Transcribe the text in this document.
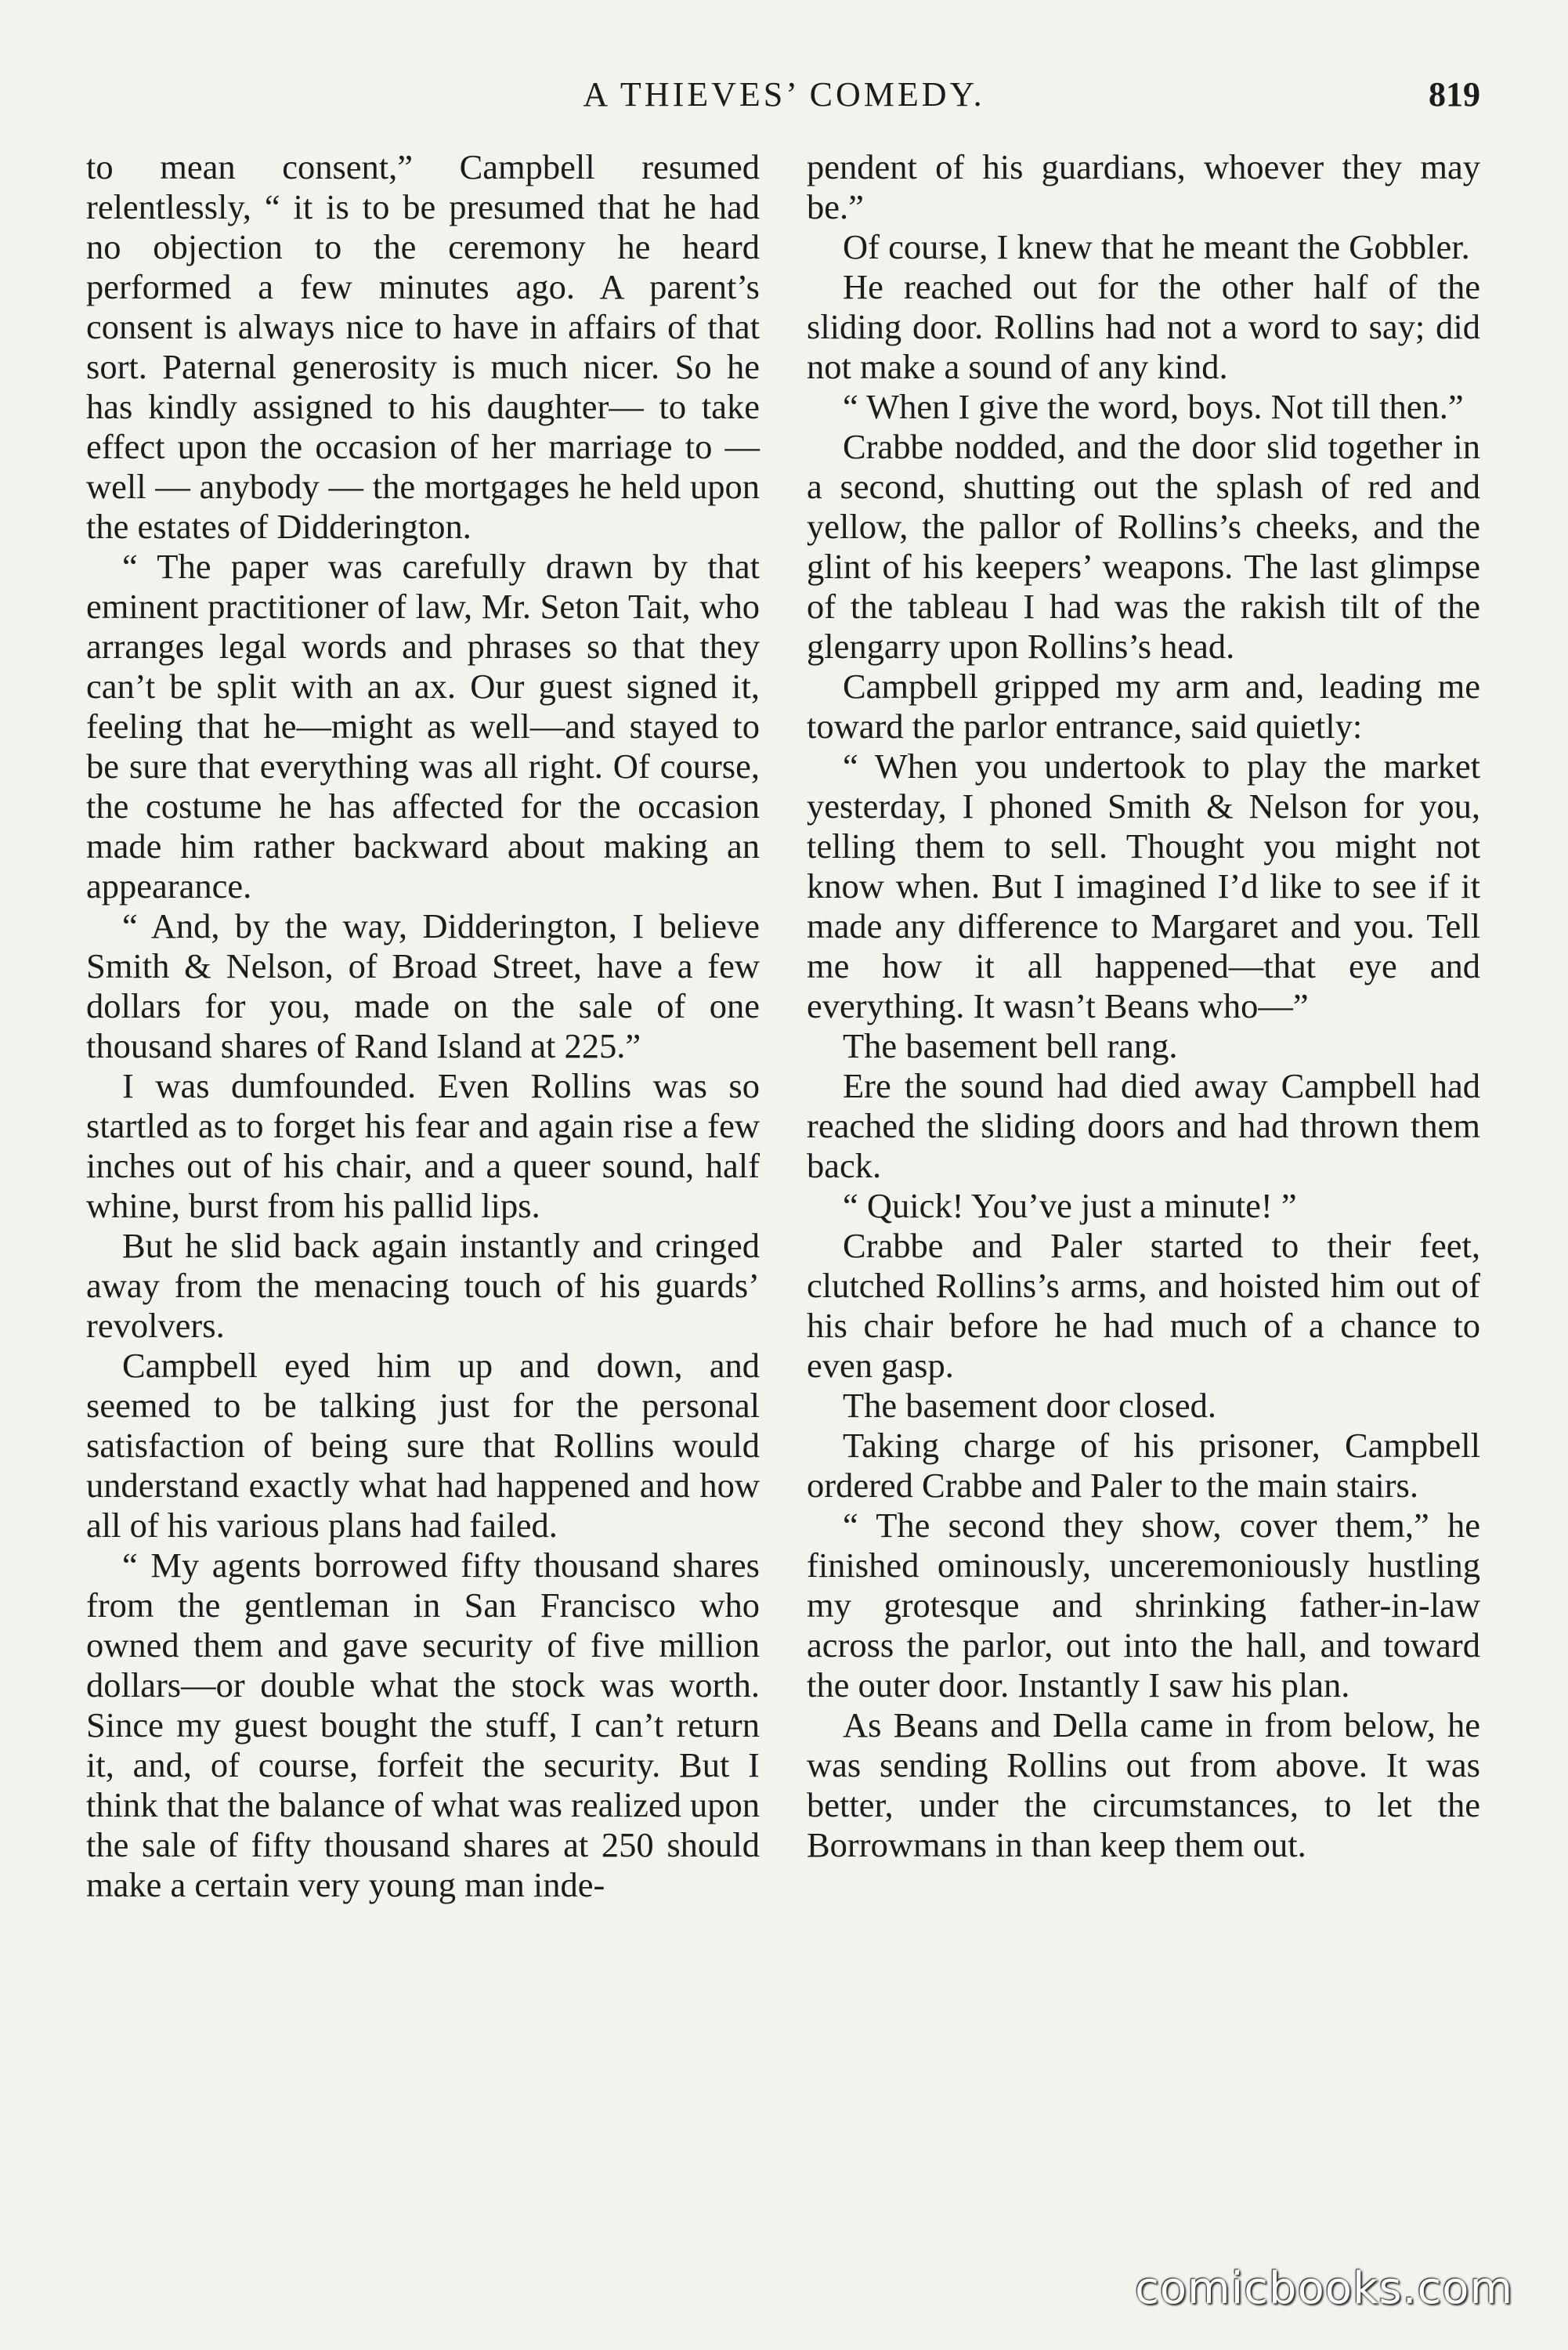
A THIEVES’ COMEDY.	819

to mean consent,” Campbell resumed relentlessly, “ it is to be presumed that he had no objection to the ceremony he heard performed a few minutes ago. A parent’s consent is always nice to have in affairs of that sort. Paternal generosity is much nicer. So he has kindly assigned to his daughter— to take effect upon the occasion of her marriage to — well — anybody — the mortgages he held upon the estates of Didderington.

“ The paper was carefully drawn by that eminent practitioner of law, Mr. Seton Tait, who arranges legal words and phrases so that they can’t be split with an ax. Our guest signed it, feeling that he—might as well—and stayed to be sure that everything was all right. Of course, the costume he has affected for the occasion made him rather backward about making an appearance.

“ And, by the way, Didderington, I believe Smith & Nelson, of Broad Street, have a few dollars for you, made on the sale of one thousand shares of Rand Island at 225.”

I was dumfounded. Even Rollins was so startled as to forget his fear and again rise a few inches out of his chair, and a queer sound, half whine, burst from his pallid lips.

But he slid back again instantly and cringed away from the menacing touch of his guards’ revolvers.

Campbell eyed him up and down, and seemed to be talking just for the personal satisfaction of being sure that Rollins would understand exactly what had happened and how all of his various plans had failed.

“ My agents borrowed fifty thousand shares from the gentleman in San Francisco who owned them and gave security of five million dollars—or double what the stock was worth. Since my guest bought the stuff, I can’t return it, and, of course, forfeit the security. But I think that the balance of what was realized upon the sale of fifty thousand shares at 250 should make a certain very young man inde-

pendent of his guardians, whoever they may be.”

Of course, I knew that he meant the Gobbler.

He reached out for the other half of the sliding door. Rollins had not a word to say; did not make a sound of any kind.

“ When I give the word, boys. Not till then.”

Crabbe nodded, and the door slid together in a second, shutting out the splash of red and yellow, the pallor of Rollins’s cheeks, and the glint of his keepers’ weapons. The last glimpse of the tableau I had was the rakish tilt of the glengarry upon Rollins’s head.

Campbell gripped my arm and, leading me toward the parlor entrance, said quietly:

“ When you undertook to play the market yesterday, I phoned Smith & Nelson for you, telling them to sell. Thought you might not know when. But I imagined I’d like to see if it made any difference to Margaret and you. Tell me how it all happened—that eye and everything. It wasn’t Beans who—”

The basement bell rang.

Ere the sound had died away Campbell had reached the sliding doors and had thrown them back.

“ Quick! You’ve just a minute! ”

Crabbe and Paler started to their feet, clutched Rollins’s arms, and hoisted him out of his chair before he had much of a chance to even gasp.

The basement door closed.

Taking charge of his prisoner, Campbell ordered Crabbe and Paler to the main stairs.

“ The second they show, cover them,” he finished ominously, unceremoniously hustling my grotesque and shrinking father-in-law across the parlor, out into the hall, and toward the outer door. Instantly I saw his plan.

As Beans and Della came in from below, he was sending Rollins out from above. It was better, under the circumstances, to let the Borrowmans in than keep them out.

comicbooks.com
